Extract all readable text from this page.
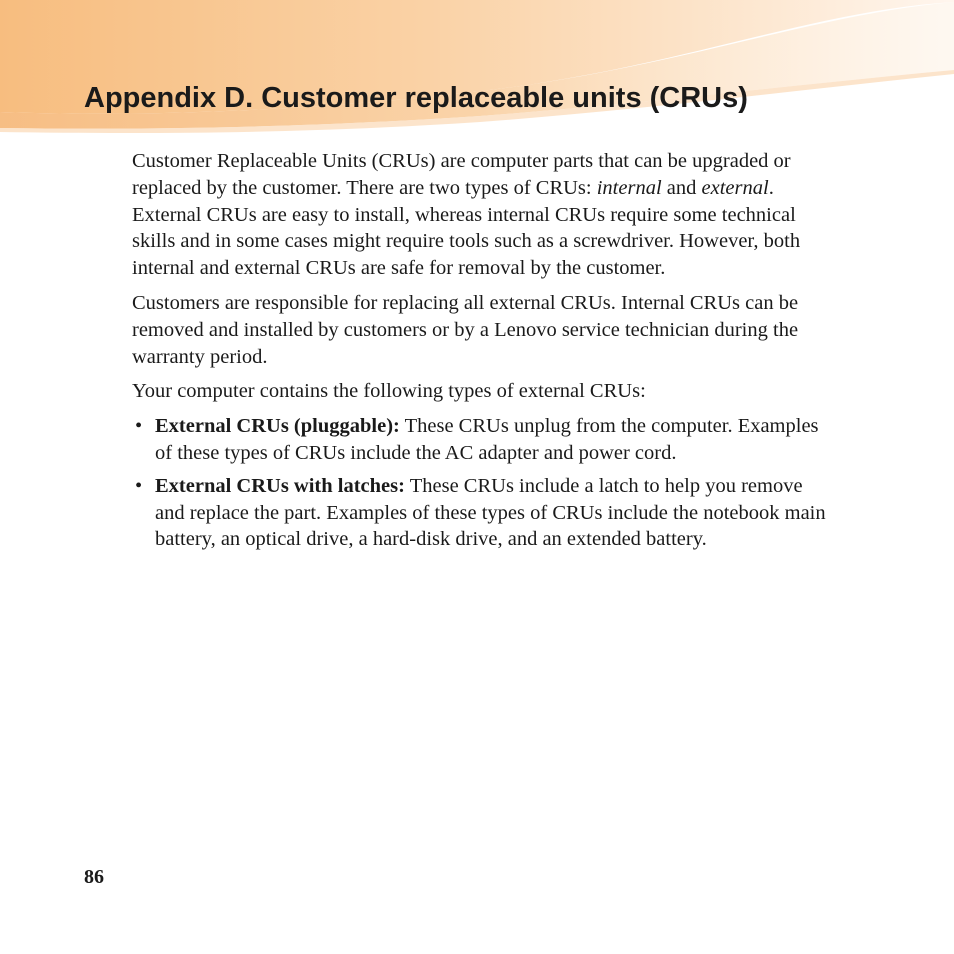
Appendix D. Customer replaceable units (CRUs)

Customer Replaceable Units (CRUs) are computer parts that can be upgraded or replaced by the customer. There are two types of CRUs: internal and external. External CRUs are easy to install, whereas internal CRUs require some technical skills and in some cases might require tools such as a screwdriver. However, both internal and external CRUs are safe for removal by the customer.

Customers are responsible for replacing all external CRUs. Internal CRUs can be removed and installed by customers or by a Lenovo service technician during the warranty period.

Your computer contains the following types of external CRUs:

• External CRUs (pluggable): These CRUs unplug from the computer. Examples of these types of CRUs include the AC adapter and power cord.
• External CRUs with latches: These CRUs include a latch to help you remove and replace the part. Examples of these types of CRUs include the notebook main battery, an optical drive, a hard-disk drive, and an extended battery.
86
